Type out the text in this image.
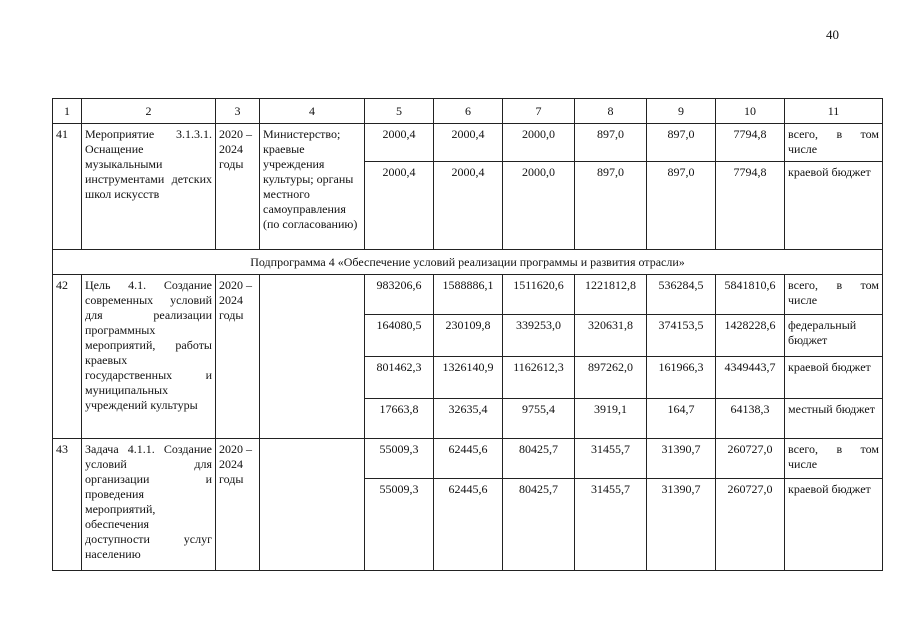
40
1	2	3	4	5	6	7	8	9	10	11
41	Мероприятие 3.1.3.1. Оснащение музыкальными инструментами детских школ искусств	2020 – 2024 годы	Министерство; краевые учреждения культуры; органы местного самоуправления (по согласованию)	2000,4	2000,4	2000,0	897,0	897,0	7794,8	всего, в том числе
				2000,4	2000,4	2000,0	897,0	897,0	7794,8	краевой бюджет
Подпрограмма 4 «Обеспечение условий реализации программы и развития отрасли»										
42	Цель 4.1. Создание современных условий для реализации программных мероприятий, работы краевых государственных и муниципальных учреждений культуры	2020 – 2024 годы		983206,6	1588886,1	1511620,6	1221812,8	536284,5	5841810,6	всего, в том числе
				164080,5	230109,8	339253,0	320631,8	374153,5	1428228,6	федеральный бюджет
				801462,3	1326140,9	1162612,3	897262,0	161966,3	4349443,7	краевой бюджет
				17663,8	32635,4	9755,4	3919,1	164,7	64138,3	местный бюджет
43	Задача 4.1.1. Создание условий для организации и проведения мероприятий, обеспечения доступности услуг населению	2020 – 2024 годы		55009,3	62445,6	80425,7	31455,7	31390,7	260727,0	всего, в том числе
				55009,3	62445,6	80425,7	31455,7	31390,7	260727,0	краевой бюджет
